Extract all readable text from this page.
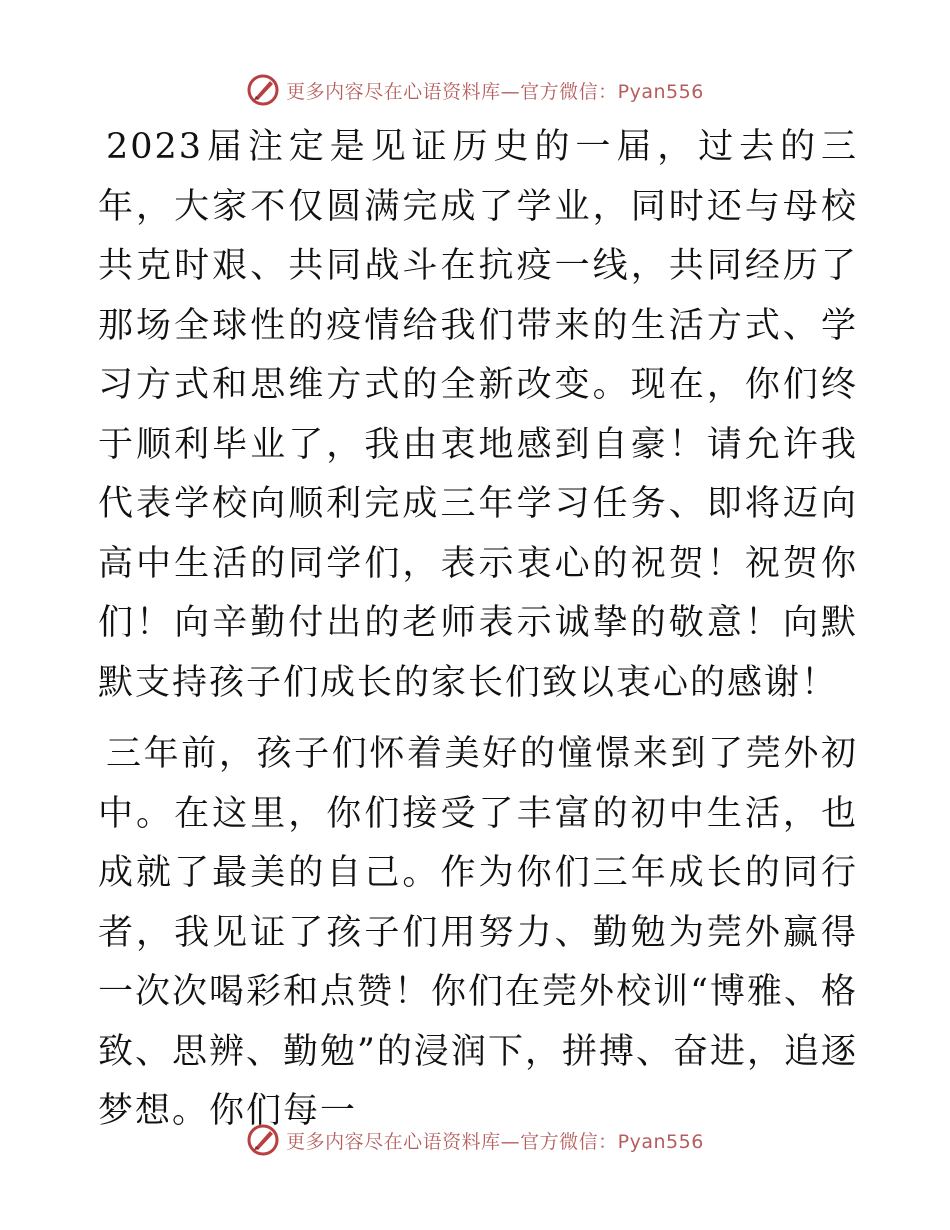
更多内容尽在心语资料库—官方微信：Pyan556

2023届注定是见证历史的一届，过去的三年，大家不仅圆满完成了学业，同时还与母校共克时艰、共同战斗在抗疫一线，共同经历了那场全球性的疫情给我们带来的生活方式、学习方式和思维方式的全新改变。现在，你们终于顺利毕业了，我由衷地感到自豪！请允许我代表学校向顺利完成三年学习任务、即将迈向高中生活的同学们，表示衷心的祝贺！祝贺你们！向辛勤付出的老师表示诚挚的敬意！向默默支持孩子们成长的家长们致以衷心的感谢！

三年前，孩子们怀着美好的憧憬来到了莞外初中。在这里，你们接受了丰富的初中生活，也成就了最美的自己。作为你们三年成长的同行者，我见证了孩子们用努力、勤勉为莞外赢得一次次喝彩和点赞！你们在莞外校训“博雅、格致、思辨、勤勉”的浸润下，拼搏、奋进，追逐梦想。你们每一

更多内容尽在心语资料库—官方微信：Pyan556
